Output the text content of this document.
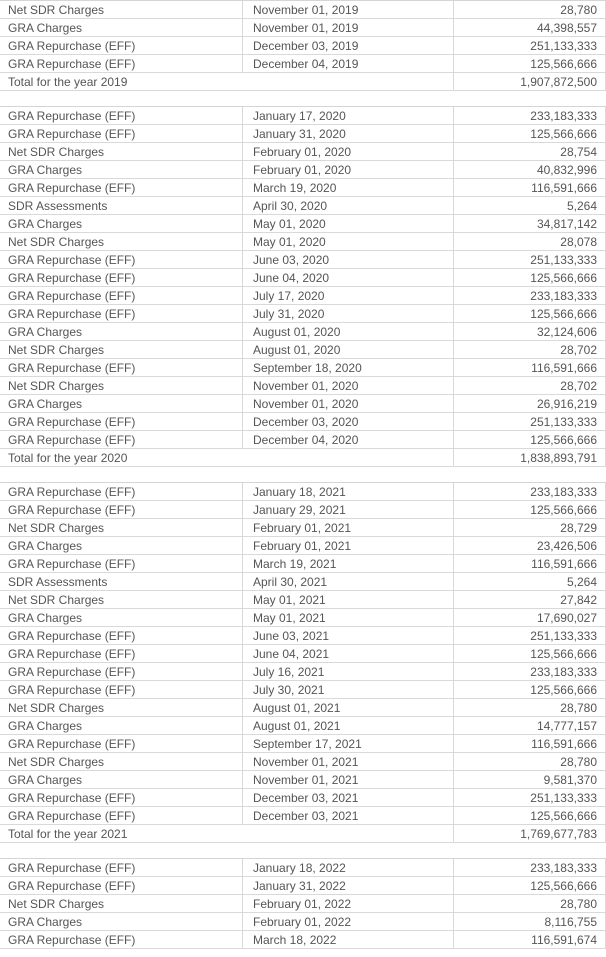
Net SDR Charges	November 01, 2019	28,780
GRA Charges	November 01, 2019	44,398,557
GRA Repurchase (EFF)	December 03, 2019	251,133,333
GRA Repurchase (EFF)	December 04, 2019	125,566,666
Total for the year 2019	1,907,872,500
GRA Repurchase (EFF)	January 17, 2020	233,183,333
GRA Repurchase (EFF)	January 31, 2020	125,566,666
Net SDR Charges	February 01, 2020	28,754
GRA Charges	February 01, 2020	40,832,996
GRA Repurchase (EFF)	March 19, 2020	116,591,666
SDR Assessments	April 30, 2020	5,264
GRA Charges	May 01, 2020	34,817,142
Net SDR Charges	May 01, 2020	28,078
GRA Repurchase (EFF)	June 03, 2020	251,133,333
GRA Repurchase (EFF)	June 04, 2020	125,566,666
GRA Repurchase (EFF)	July 17, 2020	233,183,333
GRA Repurchase (EFF)	July 31, 2020	125,566,666
GRA Charges	August 01, 2020	32,124,606
Net SDR Charges	August 01, 2020	28,702
GRA Repurchase (EFF)	September 18, 2020	116,591,666
Net SDR Charges	November 01, 2020	28,702
GRA Charges	November 01, 2020	26,916,219
GRA Repurchase (EFF)	December 03, 2020	251,133,333
GRA Repurchase (EFF)	December 04, 2020	125,566,666
Total for the year 2020	1,838,893,791
GRA Repurchase (EFF)	January 18, 2021	233,183,333
GRA Repurchase (EFF)	January 29, 2021	125,566,666
Net SDR Charges	February 01, 2021	28,729
GRA Charges	February 01, 2021	23,426,506
GRA Repurchase (EFF)	March 19, 2021	116,591,666
SDR Assessments	April 30, 2021	5,264
Net SDR Charges	May 01, 2021	27,842
GRA Charges	May 01, 2021	17,690,027
GRA Repurchase (EFF)	June 03, 2021	251,133,333
GRA Repurchase (EFF)	June 04, 2021	125,566,666
GRA Repurchase (EFF)	July 16, 2021	233,183,333
GRA Repurchase (EFF)	July 30, 2021	125,566,666
Net SDR Charges	August 01, 2021	28,780
GRA Charges	August 01, 2021	14,777,157
GRA Repurchase (EFF)	September 17, 2021	116,591,666
Net SDR Charges	November 01, 2021	28,780
GRA Charges	November 01, 2021	9,581,370
GRA Repurchase (EFF)	December 03, 2021	251,133,333
GRA Repurchase (EFF)	December 03, 2021	125,566,666
Total for the year 2021	1,769,677,783
GRA Repurchase (EFF)	January 18, 2022	233,183,333
GRA Repurchase (EFF)	January 31, 2022	125,566,666
Net SDR Charges	February 01, 2022	28,780
GRA Charges	February 01, 2022	8,116,755
GRA Repurchase (EFF)	March 18, 2022	116,591,674
